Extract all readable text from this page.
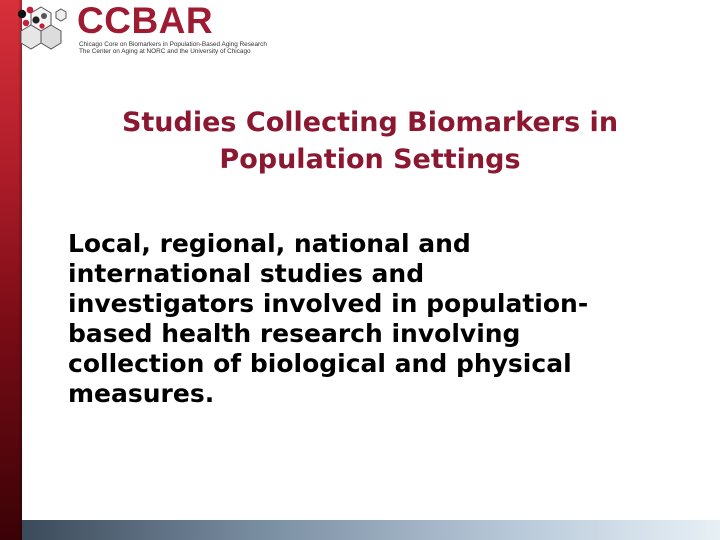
CCBAR
Chicago Core on Biomarkers in Population-Based Aging Research
The Center on Aging at NORC and the University of Chicago
Studies Collecting Biomarkers in
Population Settings
Local, regional, national and
international studies and
investigators involved in population-
based health research involving
collection of biological and physical
measures.
